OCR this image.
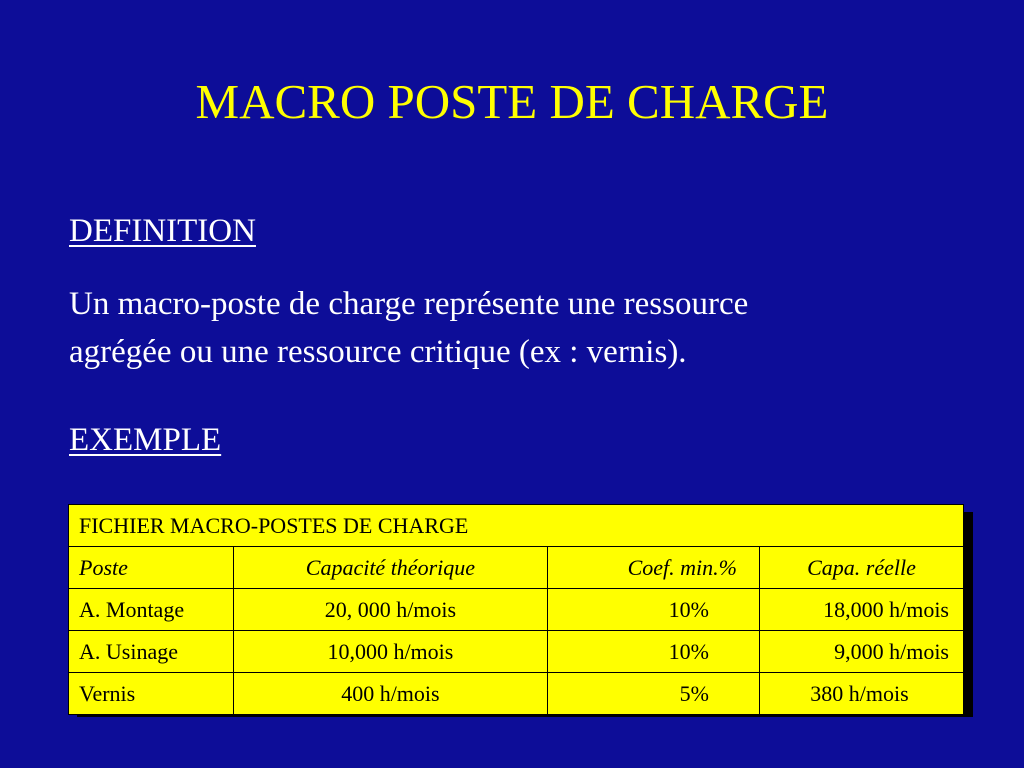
MACRO POSTE DE CHARGE
DEFINITION

Un macro-poste de charge représente une ressource
agrégée ou une ressource critique (ex : vernis).

EXEMPLE
FICHIER MACRO-POSTES DE CHARGE			
Poste	Capacité théorique	Coef. min.%	Capa. réelle
A. Montage	20, 000 h/mois	10%	18,000 h/mois
A. Usinage	10,000 h/mois	10%	9,000 h/mois
Vernis	400 h/mois	5%	380 h/mois
